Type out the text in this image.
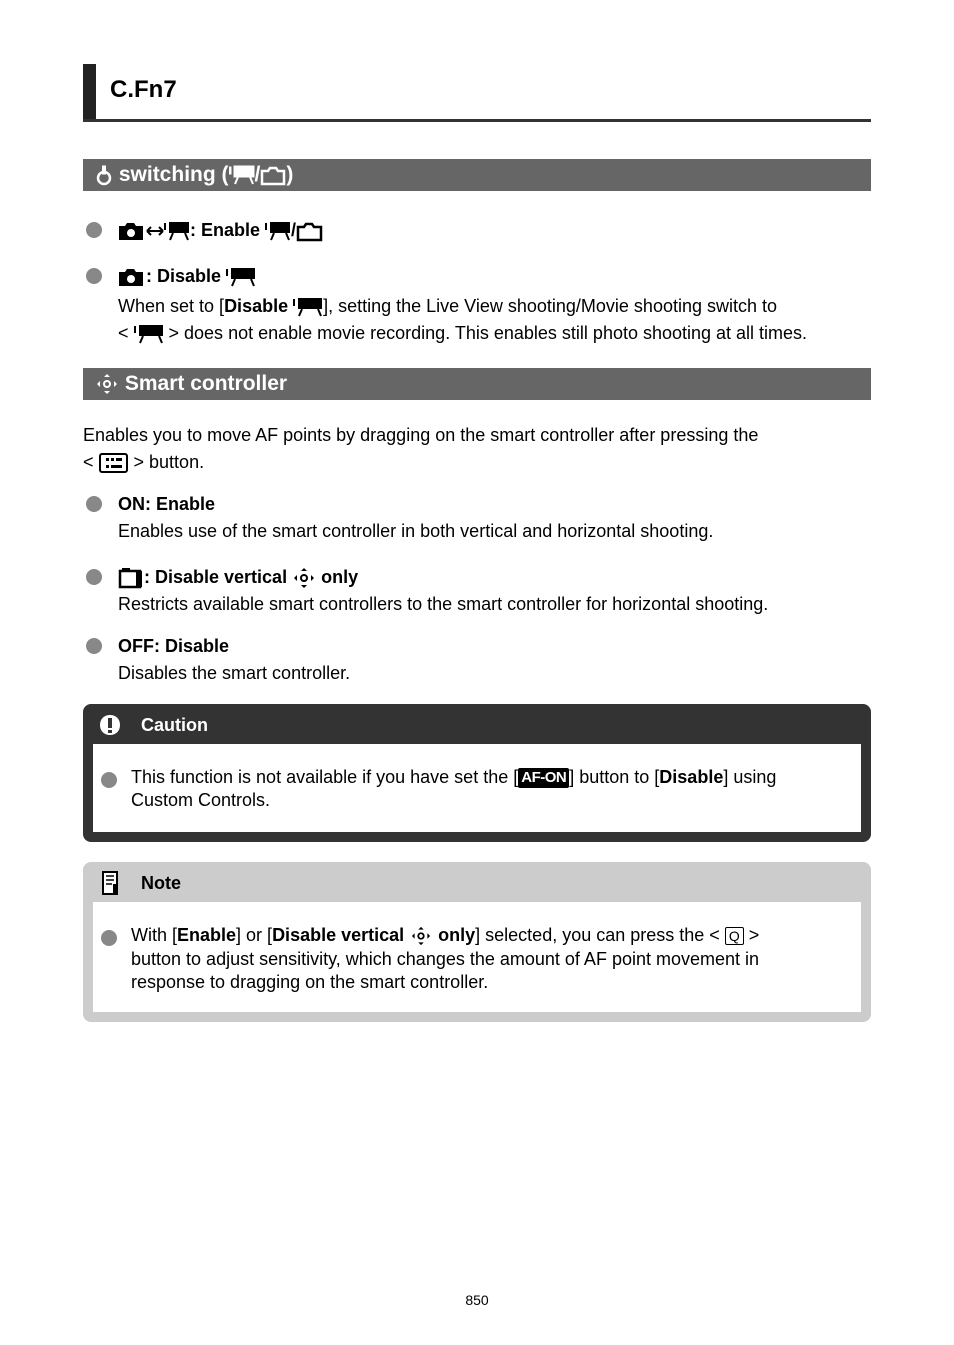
C.Fn7
switching ( / )
: Enable /
: Disable
When set to [Disable ], setting the Live View shooting/Movie shooting switch to
<  > does not enable movie recording. This enables still photo shooting at all times.
Smart controller
Enables you to move AF points by dragging on the smart controller after pressing the
<  > button.
ON: Enable
Enables use of the smart controller in both vertical and horizontal shooting.
: Disable vertical  only
Restricts available smart controllers to the smart controller for horizontal shooting.
OFF: Disable
Disables the smart controller.
Caution
This function is not available if you have set the [ AF-ON ] button to [Disable] using
Custom Controls.
Note
With [Enable] or [Disable vertical  only] selected, you can press the < Q >
button to adjust sensitivity, which changes the amount of AF point movement in
response to dragging on the smart controller.
850
